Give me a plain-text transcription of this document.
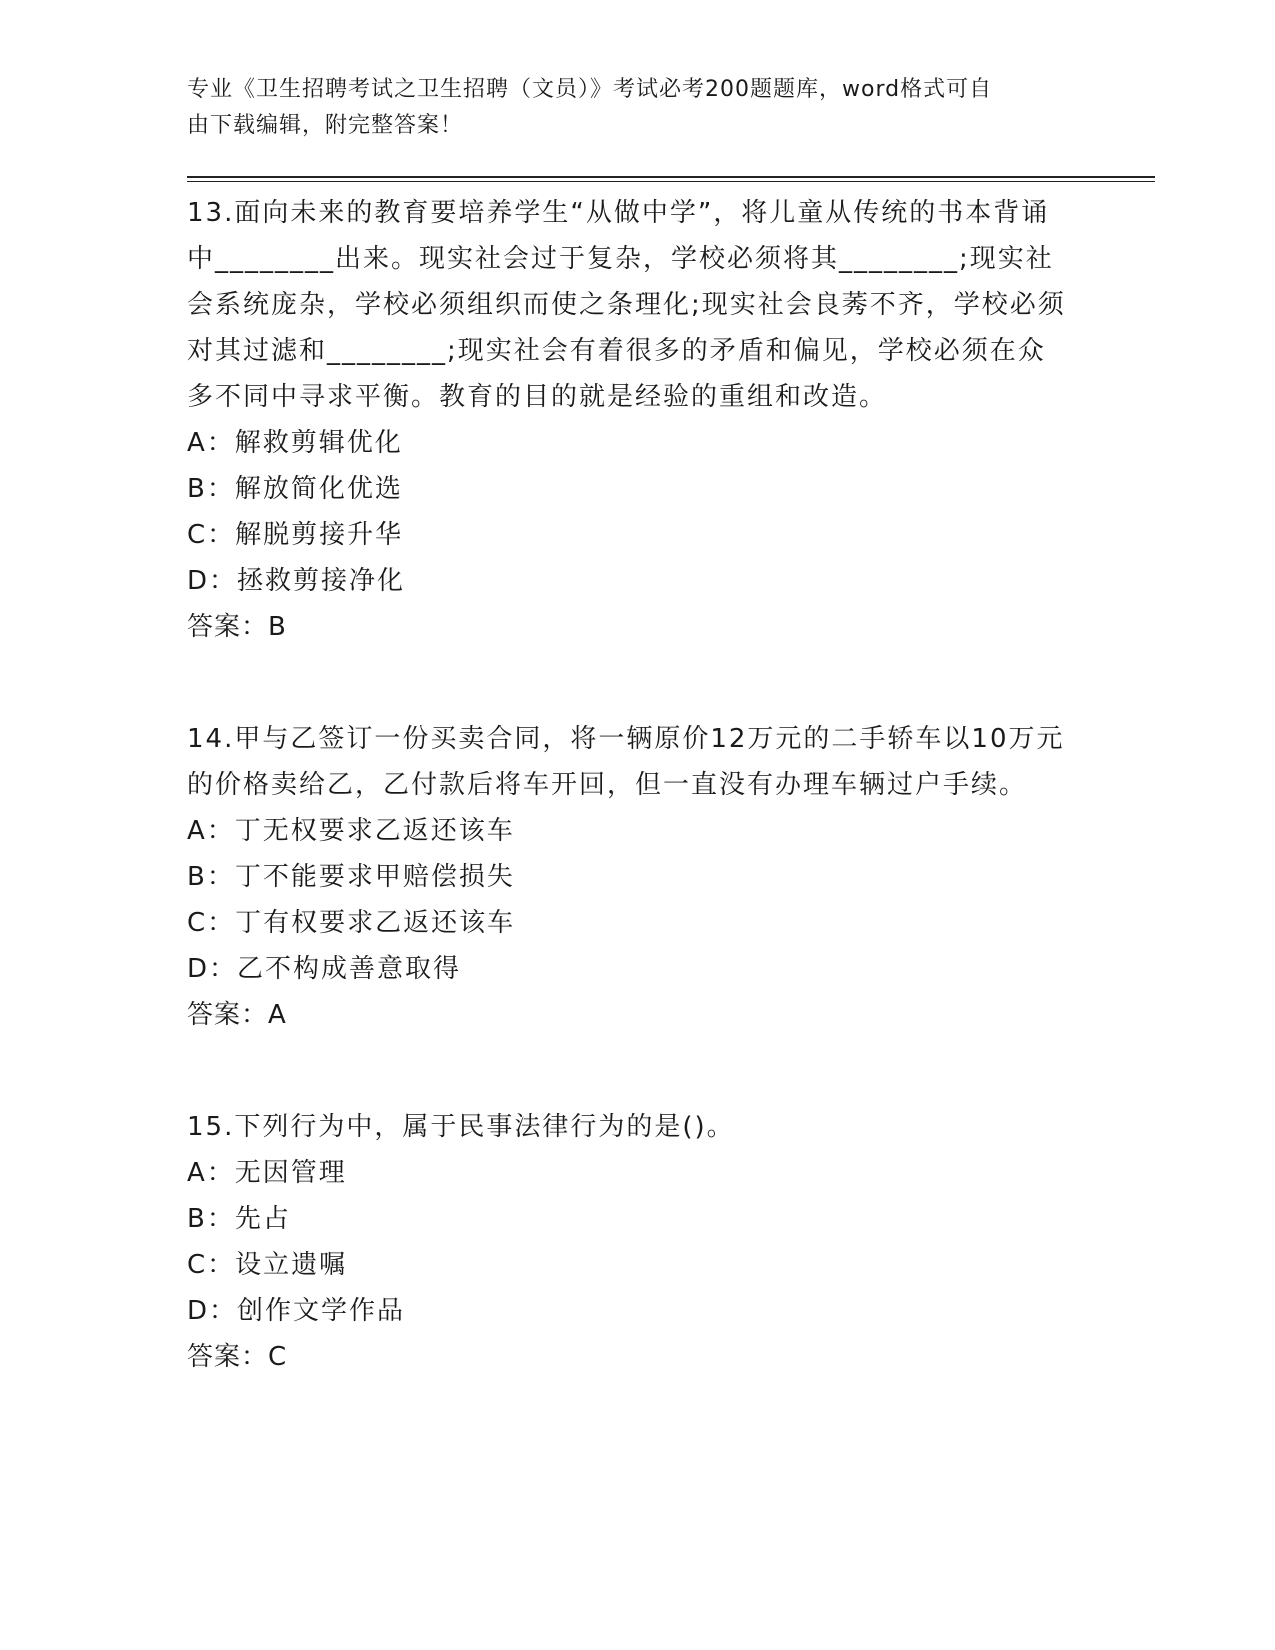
专业《卫生招聘考试之卫生招聘（文员）》考试必考200题题库，word格式可自
由下载编辑，附完整答案！
13.面向未来的教育要培养学生“从做中学”，将儿童从传统的书本背诵中________出来。现实社会过于复杂，学校必须将其________;现实社会系统庞杂，学校必须组织而使之条理化;现实社会良莠不齐，学校必须对其过滤和________;现实社会有着很多的矛盾和偏见，学校必须在众多不同中寻求平衡。教育的目的就是经验的重组和改造。
A：解救剪辑优化
B：解放简化优选
C：解脱剪接升华
D：拯救剪接净化
答案：B
14.甲与乙签订一份买卖合同，将一辆原价12万元的二手轿车以10万元的价格卖给乙，乙付款后将车开回，但一直没有办理车辆过户手续。
A：丁无权要求乙返还该车
B：丁不能要求甲赔偿损失
C：丁有权要求乙返还该车
D：乙不构成善意取得
答案：A
15.下列行为中，属于民事法律行为的是()。
A：无因管理
B：先占
C：设立遗嘱
D：创作文学作品
答案：C
